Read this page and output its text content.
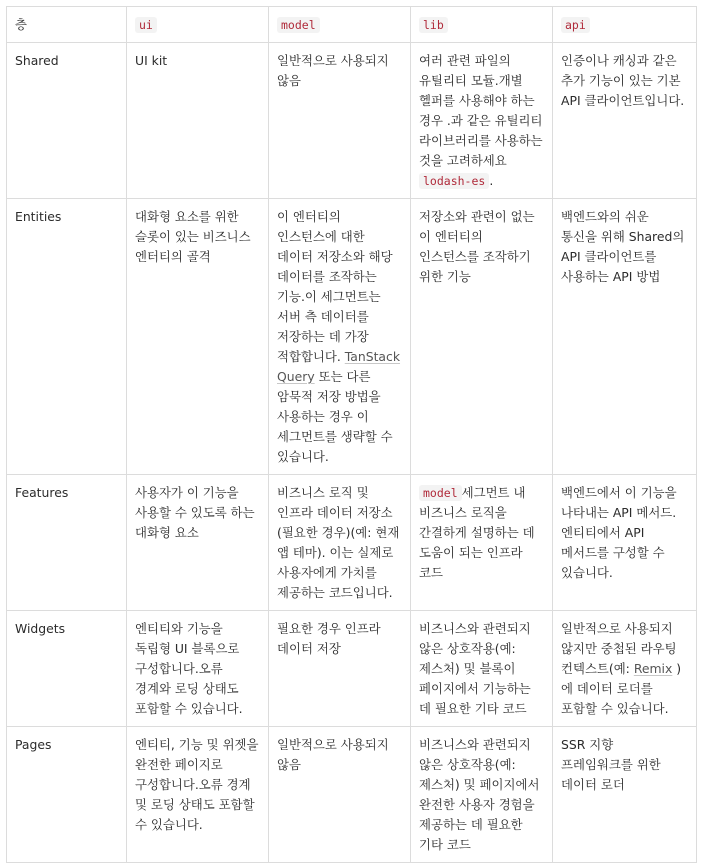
층	ui	model	lib	api
Shared	UI kit	일반적으로 사용되지 않음	여러 관련 파일의 유틸리티 모듈.개별 헬퍼를 사용해야 하는 경우 .과 같은 유틸리티 라이브러리를 사용하는 것을 고려하세요 lodash-es .	인증이나 캐싱과 같은 추가 기능이 있는 기본 API 클라이언트입니다.
Entities	대화형 요소를 위한 슬롯이 있는 비즈니스 엔터티의 골격	이 엔터티의 인스턴스에 대한 데이터 저장소와 해당 데이터를 조작하는 기능.이 세그먼트는 서버 측 데이터를 저장하는 데 가장 적합합니다. TanStack Query 또는 다른 암묵적 저장 방법을 사용하는 경우 이 세그먼트를 생략할 수 있습니다.	저장소와 관련이 없는 이 엔터티의 인스턴스를 조작하기 위한 기능	백엔드와의 쉬운 통신을 위해 Shared의 API 클라이언트를 사용하는 API 방법
Features	사용자가 이 기능을 사용할 수 있도록 하는 대화형 요소	비즈니스 로직 및 인프라 데이터 저장소(필요한 경우)(예: 현재 앱 테마). 이는 실제로 사용자에게 가치를 제공하는 코드입니다.	model 세그먼트 내 비즈니스 로직을 간결하게 설명하는 데 도움이 되는 인프라 코드	백엔드에서 이 기능을 나타내는 API 메서드. 엔티티에서 API 메서드를 구성할 수 있습니다.
Widgets	엔티티와 기능을 독립형 UI 블록으로 구성합니다.오류 경계와 로딩 상태도 포함할 수 있습니다.	필요한 경우 인프라 데이터 저장	비즈니스와 관련되지 않은 상호작용(예: 제스처) 및 블록이 페이지에서 기능하는 데 필요한 기타 코드	일반적으로 사용되지 않지만 중첩된 라우팅 컨텍스트(예: Remix )에 데이터 로더를 포함할 수 있습니다.
Pages	엔티티, 기능 및 위젯을 완전한 페이지로 구성합니다.오류 경계 및 로딩 상태도 포함할 수 있습니다.	일반적으로 사용되지 않음	비즈니스와 관련되지 않은 상호작용(예: 제스처) 및 페이지에서 완전한 사용자 경험을 제공하는 데 필요한 기타 코드	SSR 지향 프레임워크를 위한 데이터 로더
